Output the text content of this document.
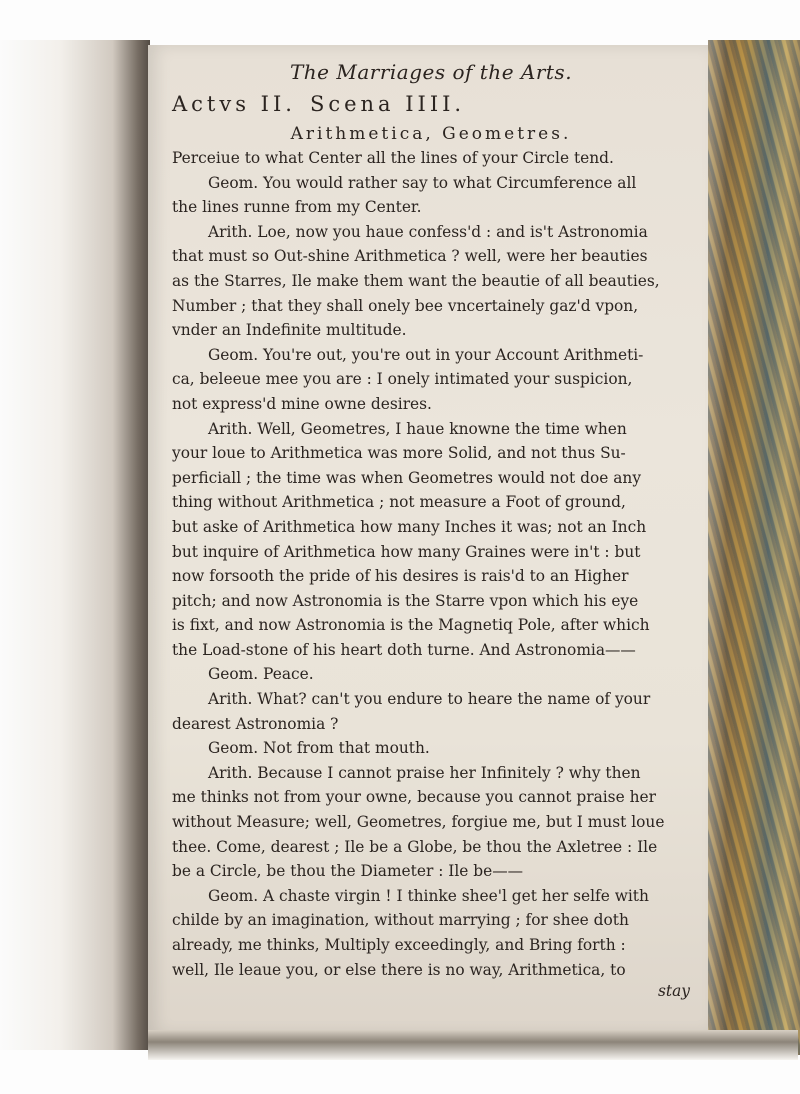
The Marriages of the Arts.
Actvs II. Scena IIII.
Arithmetica, Geometres.
Perceiue to what Center all the lines of your Circle tend.
Geom. You would rather say to what Circumference all
the lines runne from my Center.
Arith. Loe, now you haue confess'd : and is't Astronomia
that must so Out-shine Arithmetica ? well, were her beauties
as the Starres, Ile make them want the beautie of all beauties,
Number ; that they shall onely bee vncertainely gaz'd vpon,
vnder an Indefinite multitude.
Geom. You're out, you're out in your Account Arithmeti-
ca, beleeue mee you are : I onely intimated your suspicion,
not express'd mine owne desires.
Arith. Well, Geometres, I haue knowne the time when
your loue to Arithmetica was more Solid, and not thus Su-
perficiall ; the time was when Geometres would not doe any
thing without Arithmetica ; not measure a Foot of ground,
but aske of Arithmetica how many Inches it was; not an Inch
but inquire of Arithmetica how many Graines were in't : but
now forsooth the pride of his desires is rais'd to an Higher
pitch; and now Astronomia is the Starre vpon which his eye
is fixt, and now Astronomia is the Magnetiq Pole, after which
the Load-stone of his heart doth turne. And Astronomia——
Geom. Peace.
Arith. What? can't you endure to heare the name of your
dearest Astronomia ?
Geom. Not from that mouth.
Arith. Because I cannot praise her Infinitely ? why then
me thinks not from your owne, because you cannot praise her
without Measure; well, Geometres, forgiue me, but I must loue
thee. Come, dearest ; Ile be a Globe, be thou the Axletree : Ile
be a Circle, be thou the Diameter : Ile be——
Geom. A chaste virgin ! I thinke shee'l get her selfe with
childe by an imagination, without marrying ; for shee doth
already, me thinks, Multiply exceedingly, and Bring forth :
well, Ile leaue you, or else there is no way, Arithmetica, to
stay
